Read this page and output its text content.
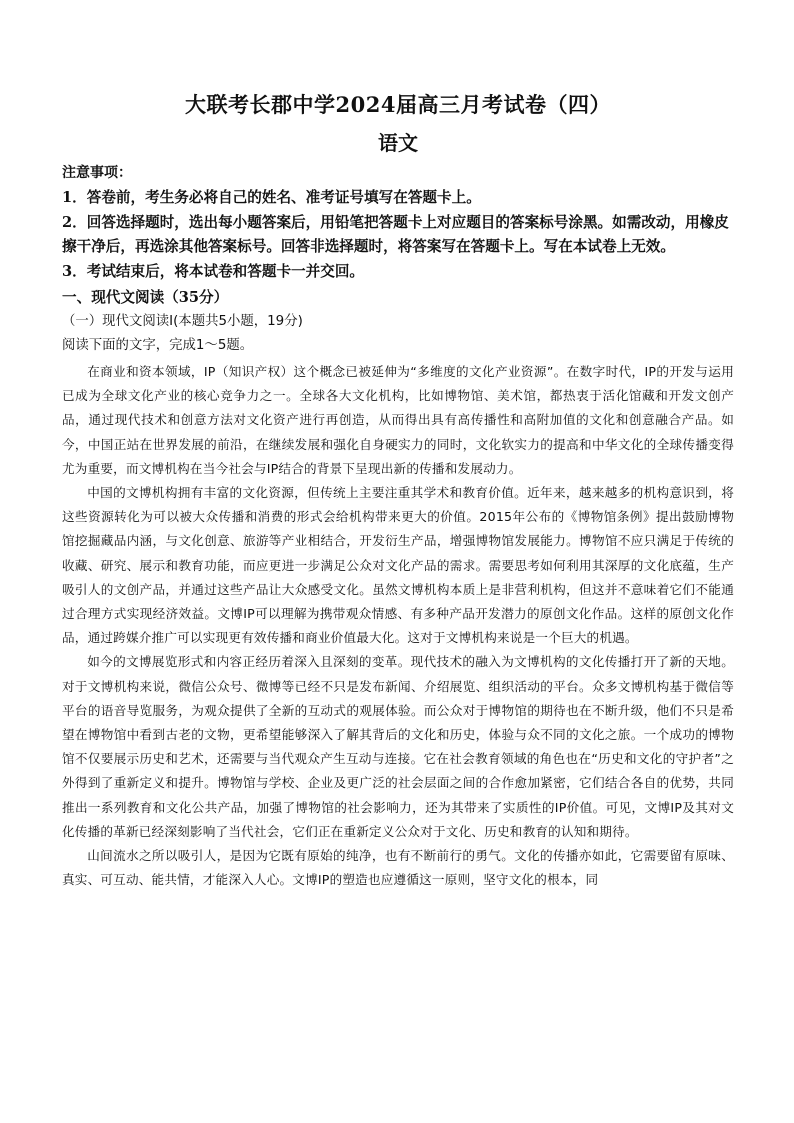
大联考长郡中学2024届高三月考试卷（四）
语文

注意事项：

1．答卷前，考生务必将自己的姓名、准考证号填写在答题卡上。

2．回答选择题时，选出每小题答案后，用铅笔把答题卡上对应题目的答案标号涂黑。如需改动，用橡皮擦干净后，再选涂其他答案标号。回答非选择题时，将答案写在答题卡上。写在本试卷上无效。

3．考试结束后，将本试卷和答题卡一并交回。

一、现代文阅读（35分）

（一）现代文阅读Ⅰ(本题共5小题，19分)

阅读下面的文字，完成1～5题。

在商业和资本领域，IP（知识产权）这个概念已被延伸为“多维度的文化产业资源”。在数字时代，IP的开发与运用已成为全球文化产业的核心竞争力之一。全球各大文化机构，比如博物馆、美术馆，都热衷于活化馆藏和开发文创产品，通过现代技术和创意方法对文化资产进行再创造，从而得出具有高传播性和高附加值的文化和创意融合产品。如今，中国正站在世界发展的前沿，在继续发展和强化自身硬实力的同时，文化软实力的提高和中华文化的全球传播变得尤为重要，而文博机构在当今社会与IP结合的背景下呈现出新的传播和发展动力。

中国的文博机构拥有丰富的文化资源，但传统上主要注重其学术和教育价值。近年来，越来越多的机构意识到，将这些资源转化为可以被大众传播和消费的形式会给机构带来更大的价值。2015年公布的《博物馆条例》提出鼓励博物馆挖掘藏品内涵，与文化创意、旅游等产业相结合，开发衍生产品，增强博物馆发展能力。博物馆不应只满足于传统的收藏、研究、展示和教育功能，而应更进一步满足公众对文化产品的需求。需要思考如何利用其深厚的文化底蕴，生产吸引人的文创产品，并通过这些产品让大众感受文化。虽然文博机构本质上是非营利机构，但这并不意味着它们不能通过合理方式实现经济效益。文博IP可以理解为携带观众情感、有多种产品开发潜力的原创文化作品。这样的原创文化作品，通过跨媒介推广可以实现更有效传播和商业价值最大化。这对于文博机构来说是一个巨大的机遇。

如今的文博展览形式和内容正经历着深入且深刻的变革。现代技术的融入为文博机构的文化传播打开了新的天地。对于文博机构来说，微信公众号、微博等已经不只是发布新闻、介绍展览、组织活动的平台。众多文博机构基于微信等平台的语音导览服务，为观众提供了全新的互动式的观展体验。而公众对于博物馆的期待也在不断升级，他们不只是希望在博物馆中看到古老的文物，更希望能够深入了解其背后的文化和历史，体验与众不同的文化之旅。一个成功的博物馆不仅要展示历史和艺术，还需要与当代观众产生互动与连接。它在社会教育领域的角色也在“历史和文化的守护者”之外得到了重新定义和提升。博物馆与学校、企业及更广泛的社会层面之间的合作愈加紧密，它们结合各自的优势，共同推出一系列教育和文化公共产品，加强了博物馆的社会影响力，还为其带来了实质性的IP价值。可见，文博IP及其对文化传播的革新已经深刻影响了当代社会，它们正在重新定义公众对于文化、历史和教育的认知和期待。

山间流水之所以吸引人，是因为它既有原始的纯净，也有不断前行的勇气。文化的传播亦如此，它需要留有原味、真实、可互动、能共情，才能深入人心。文博IP的塑造也应遵循这一原则，坚守文化的根本，同
